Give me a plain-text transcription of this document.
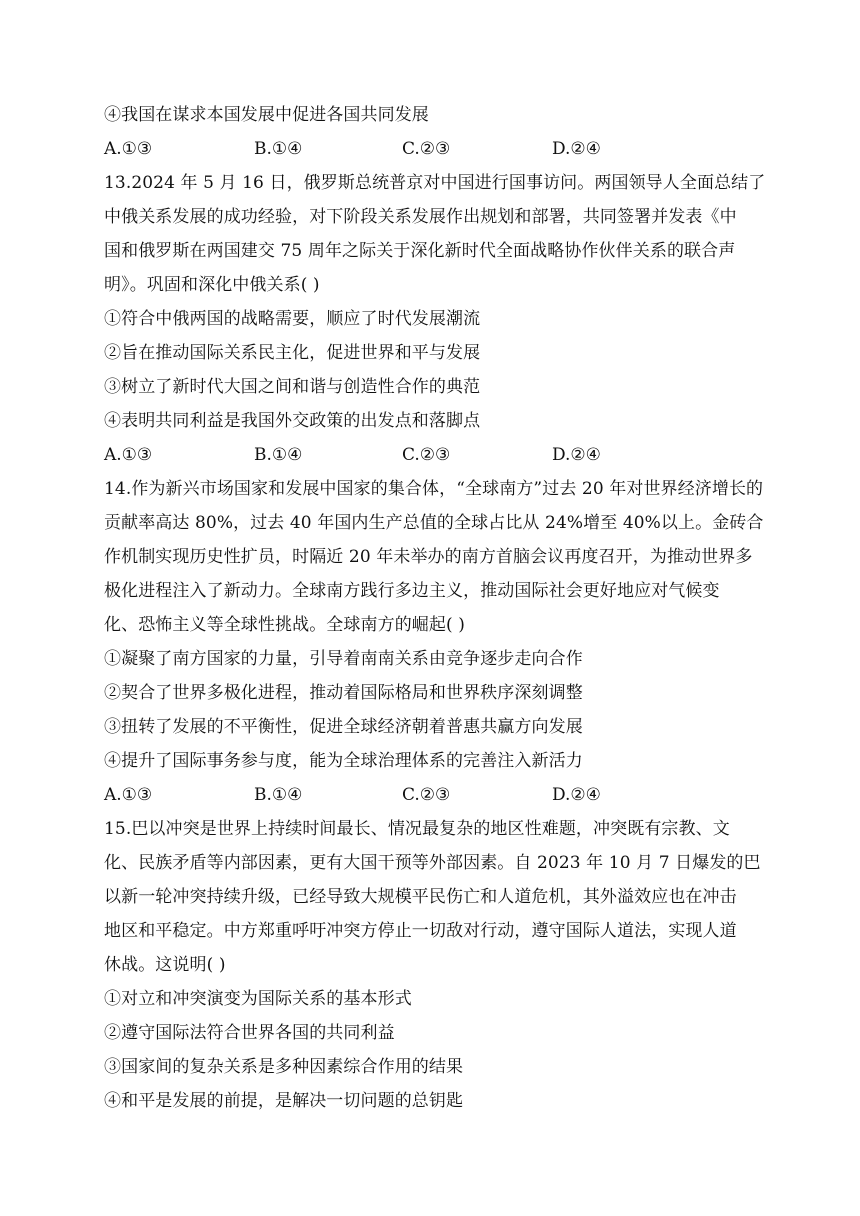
④我国在谋求本国发展中促进各国共同发展
A.①③	B.①④	C.②③	D.②④
13.2024 年 5 月 16 日，俄罗斯总统普京对中国进行国事访问。两国领导人全面总结了
中俄关系发展的成功经验，对下阶段关系发展作出规划和部署，共同签署并发表《中
国和俄罗斯在两国建交 75 周年之际关于深化新时代全面战略协作伙伴关系的联合声
明》。巩固和深化中俄关系( )
①符合中俄两国的战略需要，顺应了时代发展潮流
②旨在推动国际关系民主化，促进世界和平与发展
③树立了新时代大国之间和谐与创造性合作的典范
④表明共同利益是我国外交政策的出发点和落脚点
A.①③	B.①④	C.②③	D.②④
14.作为新兴市场国家和发展中国家的集合体，“全球南方”过去 20 年对世界经济增长的
贡献率高达 80%，过去 40 年国内生产总值的全球占比从 24%增至 40%以上。金砖合
作机制实现历史性扩员，时隔近 20 年未举办的南方首脑会议再度召开，为推动世界多
极化进程注入了新动力。全球南方践行多边主义，推动国际社会更好地应对气候变
化、恐怖主义等全球性挑战。全球南方的崛起( )
①凝聚了南方国家的力量，引导着南南关系由竞争逐步走向合作
②契合了世界多极化进程，推动着国际格局和世界秩序深刻调整
③扭转了发展的不平衡性，促进全球经济朝着普惠共赢方向发展
④提升了国际事务参与度，能为全球治理体系的完善注入新活力
A.①③	B.①④	C.②③	D.②④
15.巴以冲突是世界上持续时间最长、情况最复杂的地区性难题，冲突既有宗教、文
化、民族矛盾等内部因素，更有大国干预等外部因素。自 2023 年 10 月 7 日爆发的巴
以新一轮冲突持续升级，已经导致大规模平民伤亡和人道危机，其外溢效应也在冲击
地区和平稳定。中方郑重呼吁冲突方停止一切敌对行动，遵守国际人道法，实现人道
休战。这说明( )
①对立和冲突演变为国际关系的基本形式
②遵守国际法符合世界各国的共同利益
③国家间的复杂关系是多种因素综合作用的结果
④和平是发展的前提，是解决一切问题的总钥匙
